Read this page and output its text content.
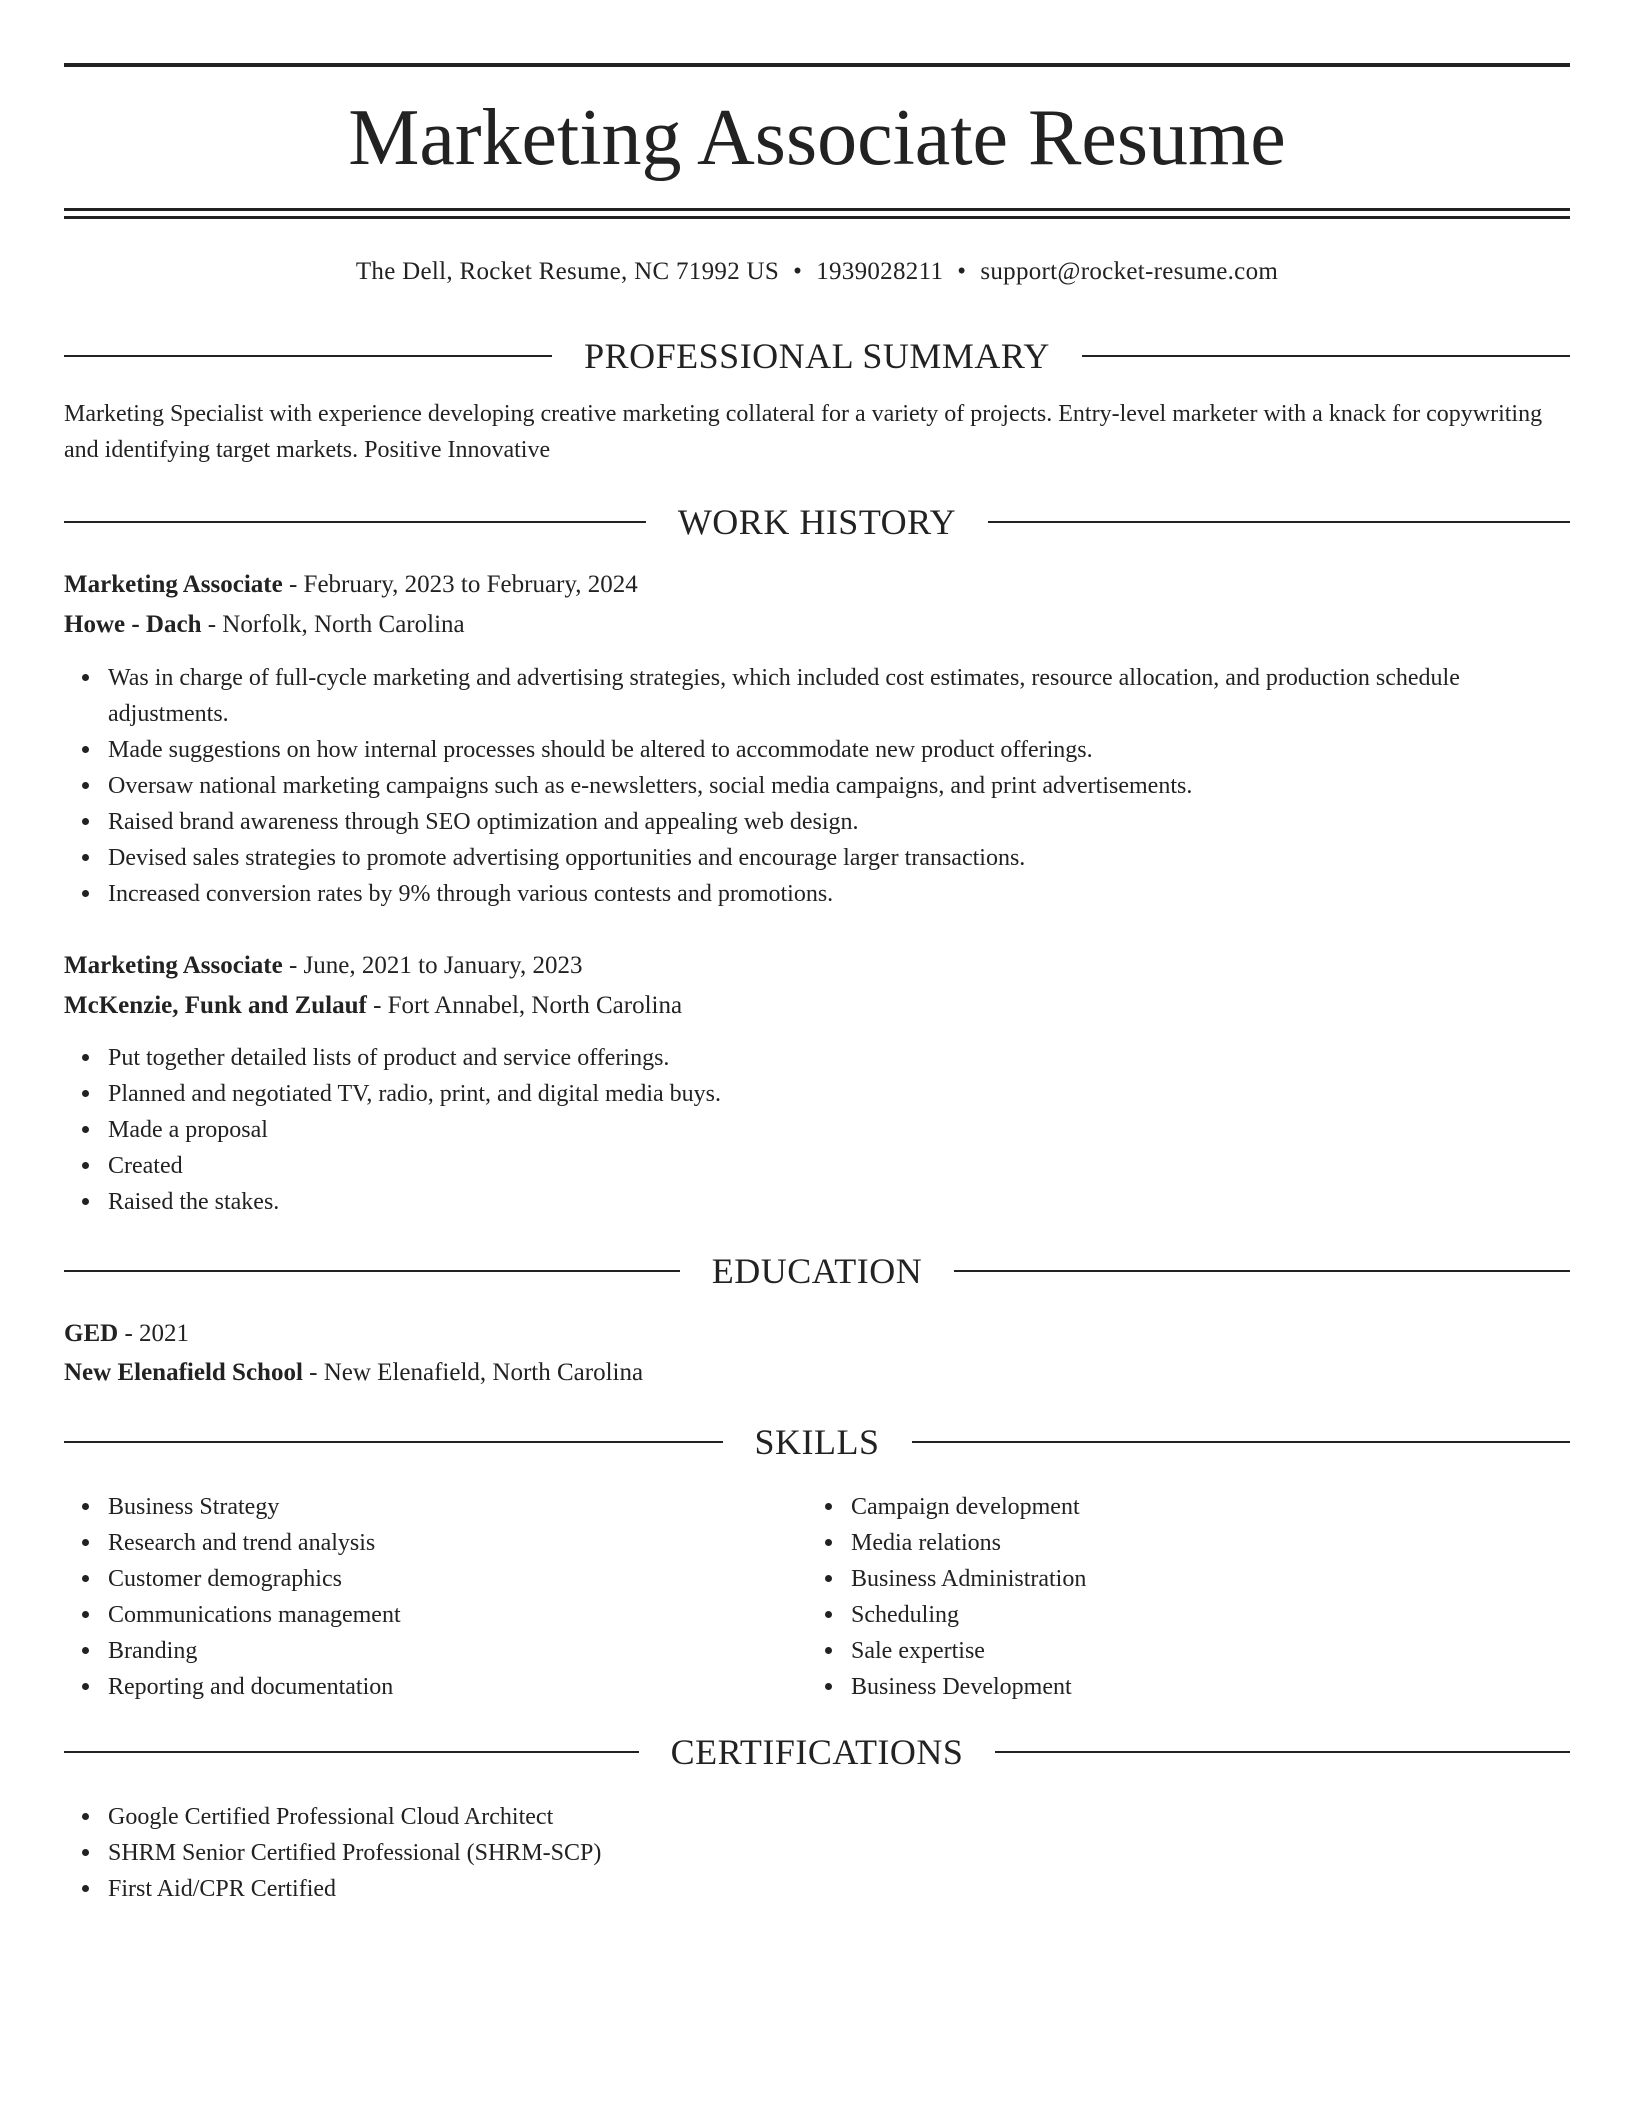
Marketing Associate Resume
The Dell, Rocket Resume, NC 71992 US • 1939028211 • support@rocket-resume.com
PROFESSIONAL SUMMARY

Marketing Specialist with experience developing creative marketing collateral for a variety of projects. Entry-level marketer with a knack for copywriting and identifying target markets. Positive Innovative

WORK HISTORY
Marketing Associate - February, 2023 to February, 2024
Howe - Dach - Norfolk, North Carolina
Was in charge of full-cycle marketing and advertising strategies, which included cost estimates, resource allocation, and production schedule adjustments.
Made suggestions on how internal processes should be altered to accommodate new product offerings.
Oversaw national marketing campaigns such as e-newsletters, social media campaigns, and print advertisements.
Raised brand awareness through SEO optimization and appealing web design.
Devised sales strategies to promote advertising opportunities and encourage larger transactions.
Increased conversion rates by 9% through various contests and promotions.
Marketing Associate - June, 2021 to January, 2023
McKenzie, Funk and Zulauf - Fort Annabel, North Carolina
Put together detailed lists of product and service offerings.
Planned and negotiated TV, radio, print, and digital media buys.
Made a proposal
Created
Raised the stakes.
EDUCATION
GED - 2021
New Elenafield School - New Elenafield, North Carolina
SKILLS
Business Strategy
Research and trend analysis
Customer demographics
Communications management
Branding
Reporting and documentation
Campaign development
Media relations
Business Administration
Scheduling
Sale expertise
Business Development
CERTIFICATIONS
Google Certified Professional Cloud Architect
SHRM Senior Certified Professional (SHRM-SCP)
First Aid/CPR Certified
